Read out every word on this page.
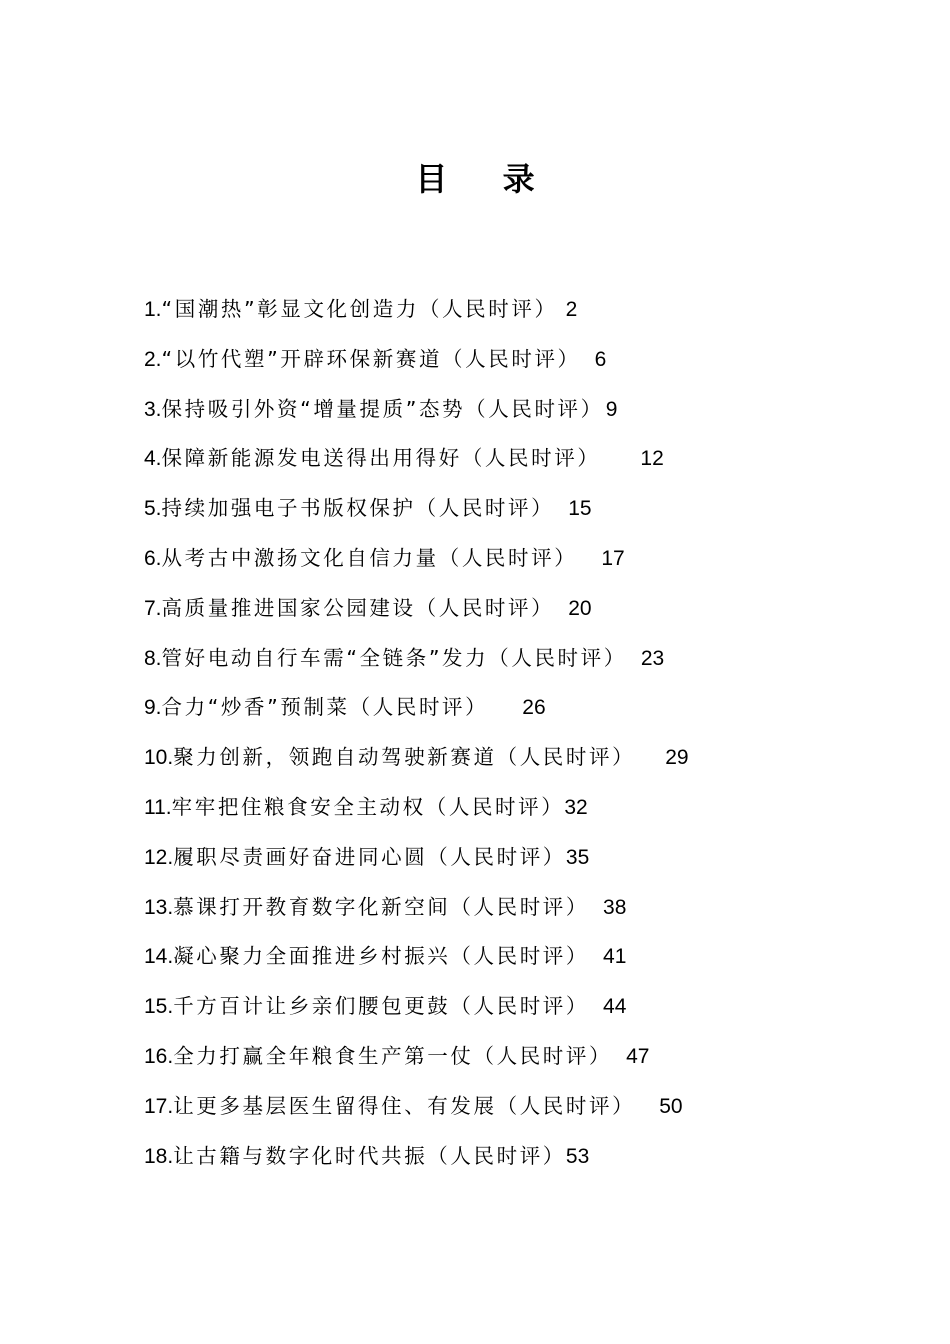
目 录
1.“国潮热”彰显文化创造力（人民时评） 2
2.“以竹代塑”开辟环保新赛道（人民时评） 6
3.保持吸引外资“增量提质”态势（人民时评）9
4.保障新能源发电送得出用得好（人民时评） 12
5.持续加强电子书版权保护（人民时评） 15
6.从考古中激扬文化自信力量（人民时评） 17
7.高质量推进国家公园建设（人民时评） 20
8.管好电动自行车需“全链条”发力（人民时评） 23
9.合力“炒香”预制菜（人民时评） 26
10.聚力创新，领跑自动驾驶新赛道（人民时评） 29
11.牢牢把住粮食安全主动权（人民时评）32
12.履职尽责画好奋进同心圆（人民时评）35
13.慕课打开教育数字化新空间（人民时评） 38
14.凝心聚力全面推进乡村振兴（人民时评） 41
15.千方百计让乡亲们腰包更鼓（人民时评） 44
16.全力打赢全年粮食生产第一仗（人民时评） 47
17.让更多基层医生留得住、有发展（人民时评） 50
18.让古籍与数字化时代共振（人民时评）53
